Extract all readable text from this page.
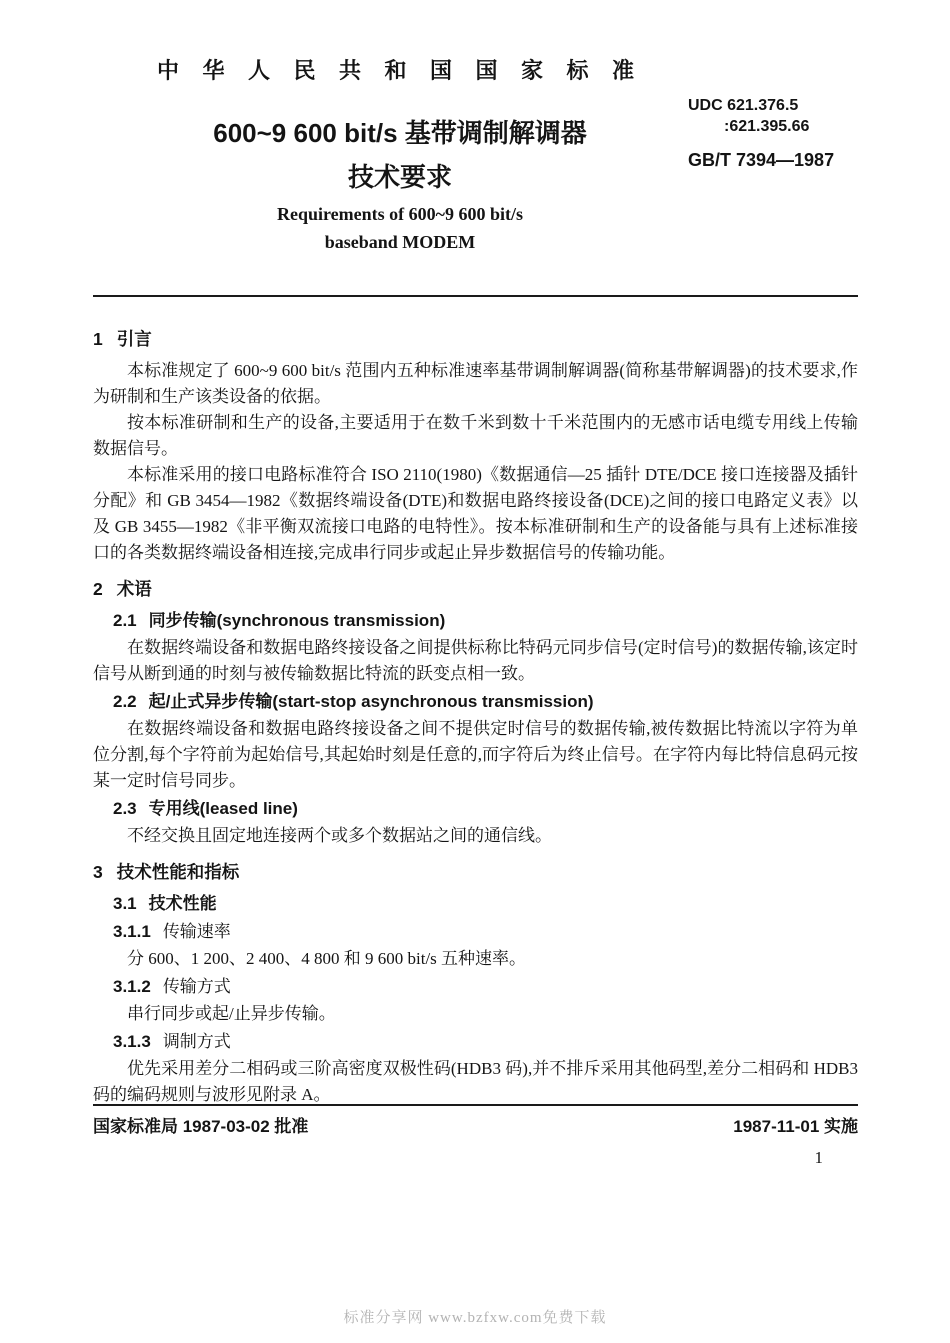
中 华 人 民 共 和 国 国 家 标 准
600~9 600 bit/s 基带调制解调器
技术要求
UDC 621.376.5
:621.395.66
GB/T 7394—1987
Requirements of 600~9 600 bit/s
baseband MODEM
1 引言

本标准规定了 600~9 600 bit/s 范围内五种标准速率基带调制解调器(简称基带解调器)的技术要求,作为研制和生产该类设备的依据。

按本标准研制和生产的设备,主要适用于在数千米到数十千米范围内的无感市话电缆专用线上传输数据信号。

本标准采用的接口电路标准符合 ISO 2110(1980)《数据通信—25 插针 DTE/DCE 接口连接器及插针分配》和 GB 3454—1982《数据终端设备(DTE)和数据电路终接设备(DCE)之间的接口电路定义表》以及 GB 3455—1982《非平衡双流接口电路的电特性》。按本标准研制和生产的设备能与具有上述标准接口的各类数据终端设备相连接,完成串行同步或起止异步数据信号的传输功能。

2 术语
2.1 同步传输(synchronous transmission)

在数据终端设备和数据电路终接设备之间提供标称比特码元同步信号(定时信号)的数据传输,该定时信号从断到通的时刻与被传输数据比特流的跃变点相一致。

2.2 起/止式异步传输(start-stop asynchronous transmission)

在数据终端设备和数据电路终接设备之间不提供定时信号的数据传输,被传数据比特流以字符为单位分割,每个字符前为起始信号,其起始时刻是任意的,而字符后为终止信号。在字符内每比特信息码元按某一定时信号同步。

2.3 专用线(leased line)

不经交换且固定地连接两个或多个数据站之间的通信线。

3 技术性能和指标
3.1 技术性能
3.1.1 传输速率

分 600、1 200、2 400、4 800 和 9 600 bit/s 五种速率。

3.1.2 传输方式

串行同步或起/止异步传输。

3.1.3 调制方式

优先采用差分二相码或三阶高密度双极性码(HDB3 码),并不排斥采用其他码型,差分二相码和 HDB3 码的编码规则与波形见附录 A。

国家标准局 1987-03-02 批准	1987-11-01 实施
1
标准分享网 www.bzfxw.com免费下载
